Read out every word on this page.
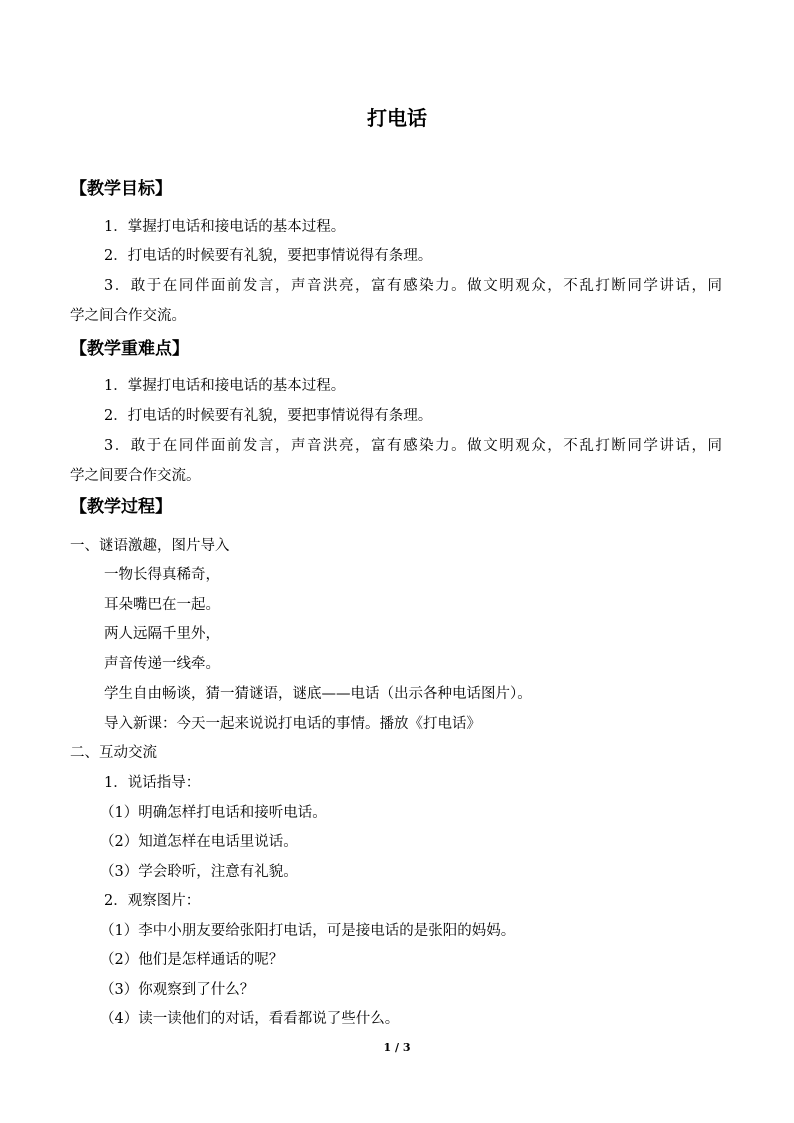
打电话
【教学目标】
1．掌握打电话和接电话的基本过程。
2．打电话的时候要有礼貌，要把事情说得有条理。
3．敢于在同伴面前发言，声音洪亮，富有感染力。做文明观众，不乱打断同学讲话，同
学之间合作交流。
【教学重难点】
1．掌握打电话和接电话的基本过程。
2．打电话的时候要有礼貌，要把事情说得有条理。
3．敢于在同伴面前发言，声音洪亮，富有感染力。做文明观众，不乱打断同学讲话，同
学之间要合作交流。
【教学过程】
一、谜语激趣，图片导入
一物长得真稀奇，
耳朵嘴巴在一起。
两人远隔千里外，
声音传递一线牵。
学生自由畅谈，猜一猜谜语，谜底——电话（出示各种电话图片）。
导入新课：今天一起来说说打电话的事情。播放《打电话》
二、互动交流
1．说话指导：
（1）明确怎样打电话和接听电话。
（2）知道怎样在电话里说话。
（3）学会聆听，注意有礼貌。
2．观察图片：
（1）李中小朋友要给张阳打电话，可是接电话的是张阳的妈妈。
（2）他们是怎样通话的呢？
（3）你观察到了什么？
（4）读一读他们的对话，看看都说了些什么。
1 / 3
